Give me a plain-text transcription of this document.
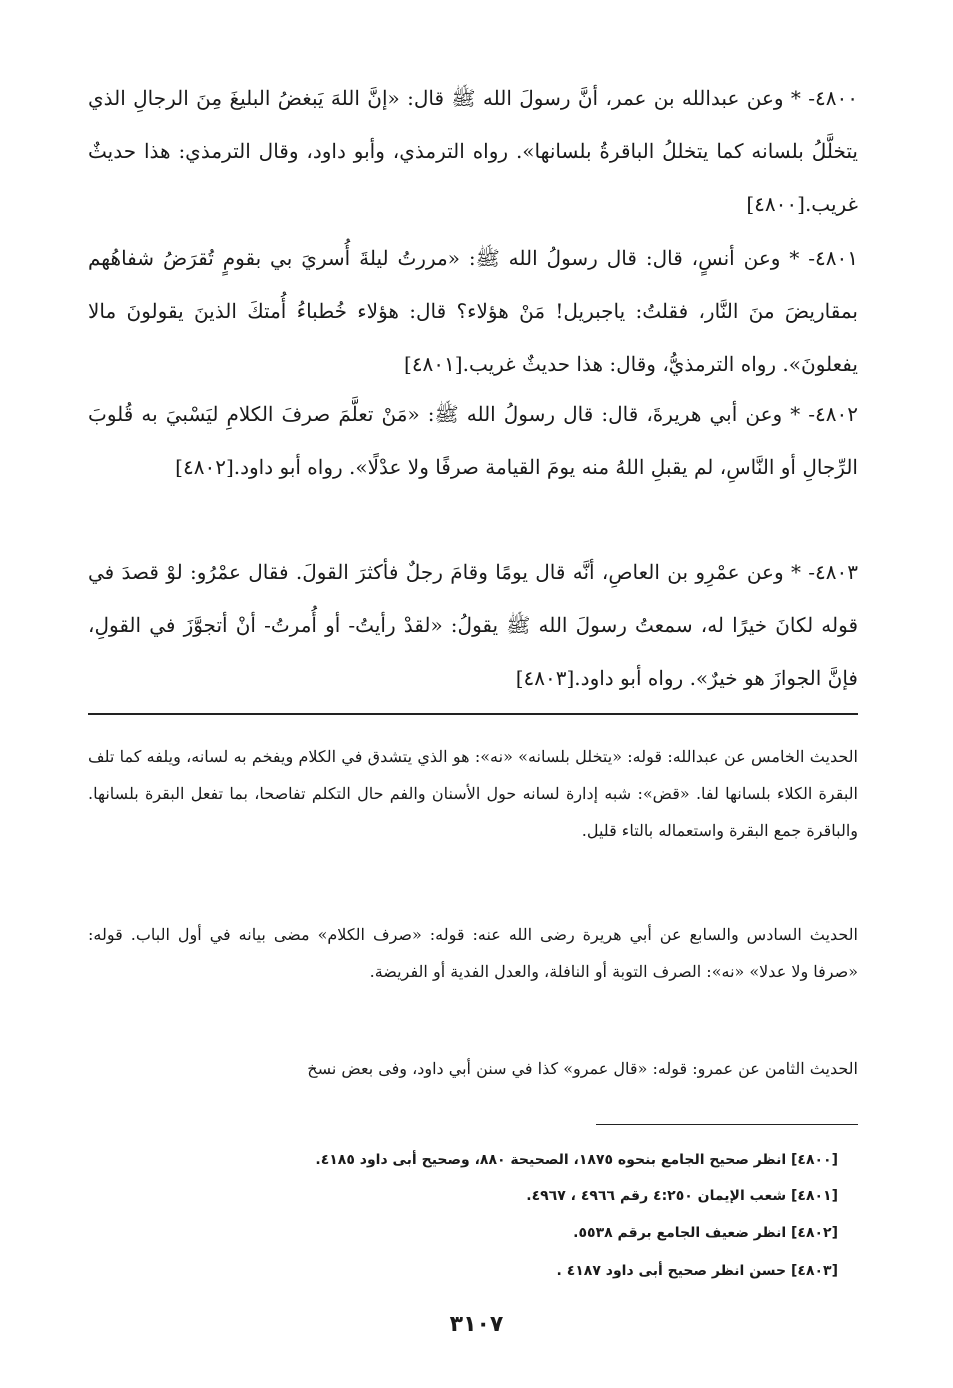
٤٨٠٠- * وعن عبدالله بن عمر، أنَّ رسولَ الله ﷺ قال: «إنَّ اللهَ يَبغضُ البليغَ مِنَ الرجالِ الذي يتخلَّلُ بلسانه كما يتخللُ الباقرةُ بلسانها». رواه الترمذي، وأبو داود، وقال الترمذي: هذا حديثٌ غريب.[٤٨٠٠]

٤٨٠١- * وعن أنسٍ، قال: قال رسولُ الله ﷺ: «مررتُ ليلةَ أُسريَ بي بقومٍ تُقرَضُ شفاهُهم بمقاريضَ منَ النَّار، فقلتُ: ياجبريل! مَنْ هؤلاء؟ قال: هؤلاء خُطباءُ أُمتكَ الذينَ يقولونَ مالا يفعلونَ». رواه الترمذيُّ، وقال: هذا حديثٌ غريب.[٤٨٠١]

٤٨٠٢- * وعن أبي هريرةَ، قال: قال رسولُ الله ﷺ: «مَنْ تعلَّمَ صرفَ الكلامِ ليَسْبيَ به قُلوبَ الرِّجالِ أو النَّاسِ، لم يقبلِ اللهُ منه يومَ القيامة صرفًا ولا عدْلًا». رواه أبو داود.[٤٨٠٢]

٤٨٠٣- * وعن عمْرِو بن العاصِ، أنَّه قال يومًا وقامَ رجلٌ فأكثرَ القولَ. فقال عمْرُو: لوْ قصدَ في قوله لكانَ خيرًا له، سمعتُ رسولَ الله ﷺ يقولُ: «لقدْ رأيتُ- أو أُمرتُ- أنْ أتجوَّزَ في القولِ، فإنَّ الجوازَ هو خيرٌ». رواه أبو داود.[٤٨٠٣]

الحديث الخامس عن عبدالله: قوله: «يتخلل بلسانه» «نه»: هو الذي يتشدق في الكلام ويفخم به لسانه، ويلفه كما تلف البقرة الكلاء بلسانها لفا. «قض»: شبه إدارة لسانه حول الأسنان والفم حال التكلم تفاصحا، بما تفعل البقرة بلسانها. والباقرة جمع البقرة واستعماله بالتاء قليل.

الحديث السادس والسابع عن أبي هريرة رضى الله عنه: قوله: «صرف الكلام» مضى بيانه في أول الباب. قوله: «صرفا ولا عدلا» «نه»: الصرف التوبة أو النافلة، والعدل الفدية أو الفريضة.

الحديث الثامن عن عمرو: قوله: «قال عمرو» كذا في سنن أبي داود، وفى بعض نسخ

[٤٨٠٠] انظر صحيح الجامع بنحوه ١٨٧٥، الصحيحة ٨٨٠، وصحيح أبى داود ٤١٨٥.
[٤٨٠١] شعب الإيمان ٤:٢٥٠ رقم ٤٩٦٦ ، ٤٩٦٧.
[٤٨٠٢] انظر ضعيف الجامع برقم ٥٥٣٨.
[٤٨٠٣] حسن انظر صحيح أبى داود ٤١٨٧ .
٣١٠٧
